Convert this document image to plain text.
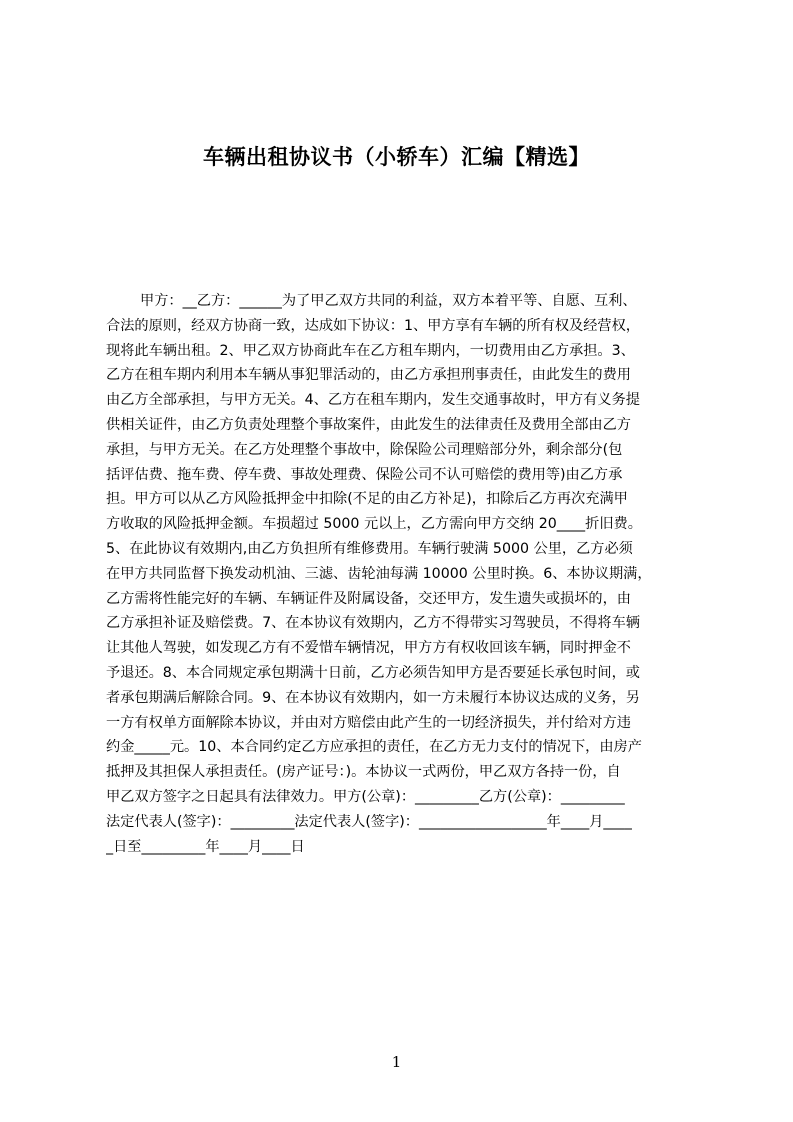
车辆出租协议书（小轿车）汇编【精选】
甲方：__乙方：______为了甲乙双方共同的利益，双方本着平等、自愿、互利、
合法的原则，经双方协商一致，达成如下协议：1、甲方享有车辆的所有权及经营权，
现将此车辆出租。2、甲乙双方协商此车在乙方租车期内，一切费用由乙方承担。3、
乙方在租车期内利用本车辆从事犯罪活动的，由乙方承担刑事责任，由此发生的费用
由乙方全部承担，与甲方无关。4、乙方在租车期内，发生交通事故时，甲方有义务提
供相关证件，由乙方负责处理整个事故案件，由此发生的法律责任及费用全部由乙方
承担，与甲方无关。在乙方处理整个事故中，除保险公司理赔部分外，剩余部分(包
括评估费、拖车费、停车费、事故处理费、保险公司不认可赔偿的费用等)由乙方承
担。甲方可以从乙方风险抵押金中扣除(不足的由乙方补足)，扣除后乙方再次充满甲
方收取的风险抵押金额。车损超过 5000 元以上，乙方需向甲方交纳 20____折旧费。
5、在此协议有效期内,由乙方负担所有维修费用。车辆行驶满 5000 公里，乙方必须
在甲方共同监督下换发动机油、三滤、齿轮油每满 10000 公里时换。6、本协议期满，
乙方需将性能完好的车辆、车辆证件及附属设备，交还甲方，发生遗失或损坏的，由
乙方承担补证及赔偿费。7、在本协议有效期内，乙方不得带实习驾驶员，不得将车辆
让其他人驾驶，如发现乙方有不爱惜车辆情况，甲方方有权收回该车辆，同时押金不
予退还。8、本合同规定承包期满十日前，乙方必须告知甲方是否要延长承包时间，或
者承包期满后解除合同。9、在本协议有效期内，如一方未履行本协议达成的义务，另
一方有权单方面解除本协议，并由对方赔偿由此产生的一切经济损失，并付给对方违
约金_____元。10、本合同约定乙方应承担的责任，在乙方无力支付的情况下，由房产
抵押及其担保人承担责任。(房产证号：)。本协议一式两份，甲乙双方各持一份，自
甲乙双方签字之日起具有法律效力。甲方(公章)：_________乙方(公章)：_________
法定代表人(签字)：_________法定代表人(签字)：__________________年____月____
_日至_________年____月____日
1
